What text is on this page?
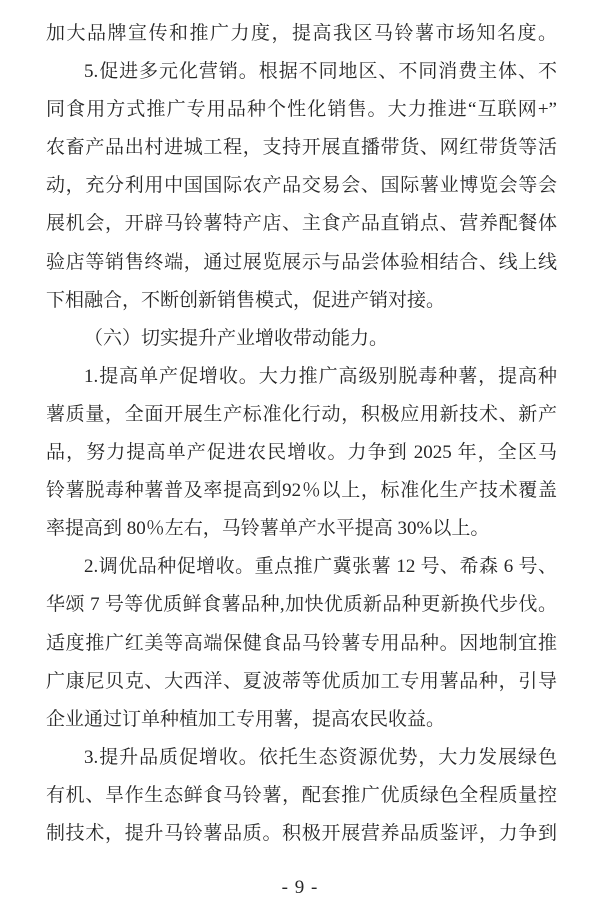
加大品牌宣传和推广力度，提高我区马铃薯市场知名度。
5.促进多元化营销。根据不同地区、不同消费主体、不
同食用方式推广专用品种个性化销售。大力推进“互联网+”
农畜产品出村进城工程，支持开展直播带货、网红带货等活
动，充分利用中国国际农产品交易会、国际薯业博览会等会
展机会，开辟马铃薯特产店、主食产品直销点、营养配餐体
验店等销售终端，通过展览展示与品尝体验相结合、线上线
下相融合，不断创新销售模式，促进产销对接。
（六）切实提升产业增收带动能力。
1.提高单产促增收。大力推广高级别脱毒种薯，提高种
薯质量，全面开展生产标准化行动，积极应用新技术、新产
品，努力提高单产促进农民增收。力争到 2025 年，全区马
铃薯脱毒种薯普及率提高到92％以上，标准化生产技术覆盖
率提高到 80％左右，马铃薯单产水平提高 30%以上。
2.调优品种促增收。重点推广冀张薯 12 号、希森 6 号、
华颂 7 号等优质鲜食薯品种,加快优质新品种更新换代步伐。
适度推广红美等高端保健食品马铃薯专用品种。因地制宜推
广康尼贝克、大西洋、夏波蒂等优质加工专用薯品种，引导
企业通过订单种植加工专用薯，提高农民收益。
3.提升品质促增收。依托生态资源优势，大力发展绿色
有机、旱作生态鲜食马铃薯，配套推广优质绿色全程质量控
制技术，提升马铃薯品质。积极开展营养品质鉴评，力争到
- 9 -
